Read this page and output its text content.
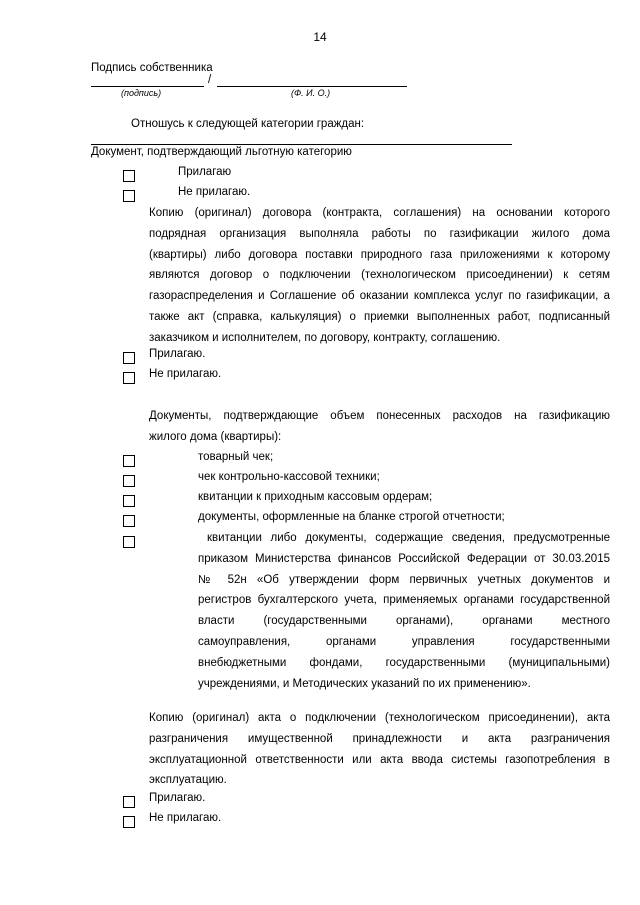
14
Подпись собственника
/
(подпись)	(Ф. И. О.)
Отношусь к следующей категории граждан:
Документ, подтверждающий льготную категорию
Прилагаю
Не прилагаю.
Копию (оригинал) договора (контракта, соглашения) на основании которого
подрядная организация выполняла работы по газификации жилого дома
(квартиры) либо договора поставки природного газа приложениями к которому
являются договор о подключении (технологическом присоединении) к сетям
газораспределения и Соглашение об оказании комплекса услуг по газификации, а
также акт (справка, калькуляция) о приемки выполненных работ, подписанный
заказчиком и исполнителем, по договору, контракту, соглашению.
Прилагаю.
Не прилагаю.
Документы, подтверждающие объем понесенных расходов на газификацию
жилого дома (квартиры):
товарный чек;
чек контрольно-кассовой техники;
квитанции к приходным кассовым ордерам;
документы, оформленные на бланке строгой отчетности;
квитанции либо документы, содержащие сведения, предусмотренные
приказом Министерства финансов Российской Федерации от 30.03.2015
№ 52н «Об утверждении форм первичных учетных документов и
регистров бухгалтерского учета, применяемых органами государственной
власти (государственными органами), органами местного
самоуправления, органами управления государственными
внебюджетными фондами, государственными (муниципальными)
учреждениями, и Методических указаний по их применению».
Копию (оригинал) акта о подключении (технологическом присоединении), акта
разграничения имущественной принадлежности и акта разграничения
эксплуатационной ответственности или акта ввода системы газопотребления в
эксплуатацию.
Прилагаю.
Не прилагаю.
